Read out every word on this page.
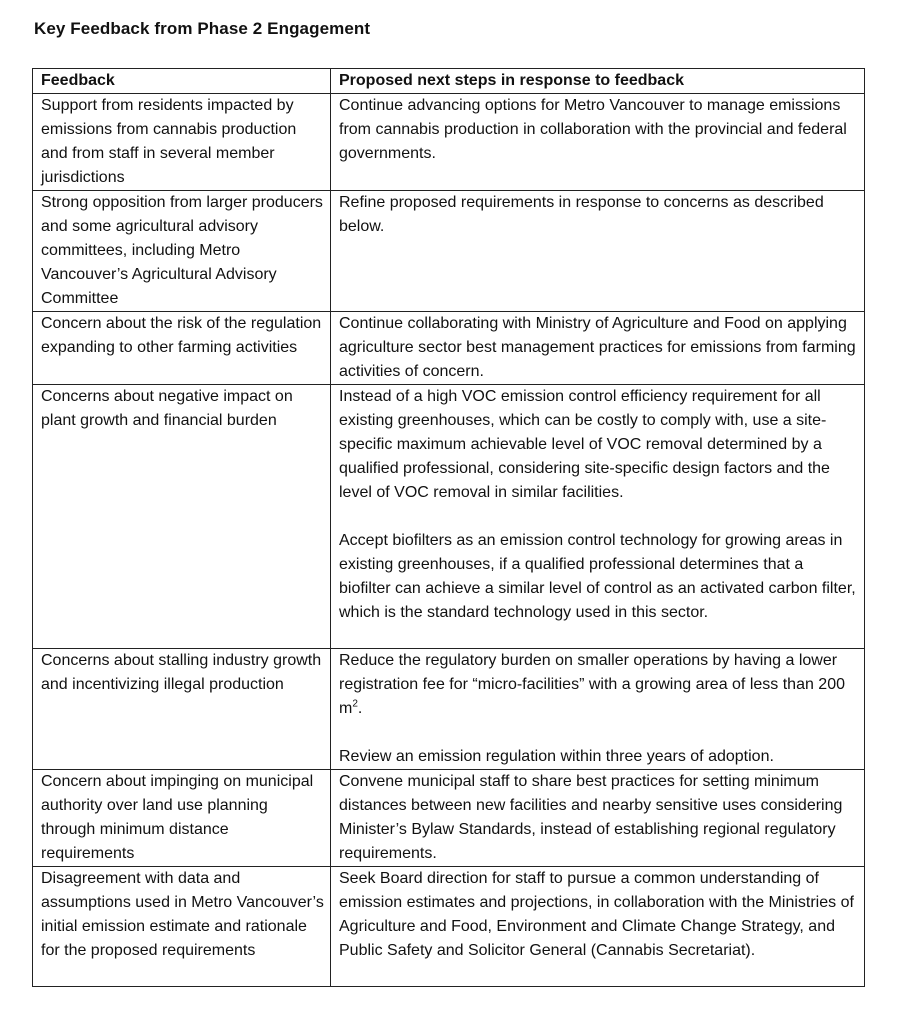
Key Feedback from Phase 2 Engagement
Feedback	Proposed next steps in response to feedback
Support from residents impacted by emissions from cannabis production and from staff in several member jurisdictions	Continue advancing options for Metro Vancouver to manage emissions from cannabis production in collaboration with the provincial and federal governments.

Strong opposition from larger producers and some agricultural advisory committees, including Metro Vancouver’s Agricultural Advisory Committee	Refine proposed requirements in response to concerns as described below.

Concern about the risk of the regulation expanding to other farming activities	Continue collaborating with Ministry of Agriculture and Food on applying agriculture sector best management practices for emissions from farming activities of concern.

Concerns about negative impact on plant growth and financial burden	Instead of a high VOC emission control efficiency requirement for all existing greenhouses, which can be costly to comply with, use a site-specific maximum achievable level of VOC removal determined by a qualified professional, considering site-specific design factors and the level of VOC removal in similar facilities.
Accept biofilters as an emission control technology for growing areas in existing greenhouses, if a qualified professional determines that a biofilter can achieve a similar level of control as an activated carbon filter, which is the standard technology used in this sector.

Concerns about stalling industry growth and incentivizing illegal production	Reduce the regulatory burden on smaller operations by having a lower registration fee for “micro-facilities” with a growing area of less than 200 $m^2$.
Review an emission regulation within three years of adoption.

Concern about impinging on municipal authority over land use planning through minimum distance requirements	Convene municipal staff to share best practices for setting minimum distances between new facilities and nearby sensitive uses considering Minister’s Bylaw Standards, instead of establishing regional regulatory requirements.

Disagreement with data and assumptions used in Metro Vancouver’s initial emission estimate and rationale for the proposed requirements	Seek Board direction for staff to pursue a common understanding of emission estimates and projections, in collaboration with the Ministries of Agriculture and Food, Environment and Climate Change Strategy, and Public Safety and Solicitor General (Cannabis Secretariat).
